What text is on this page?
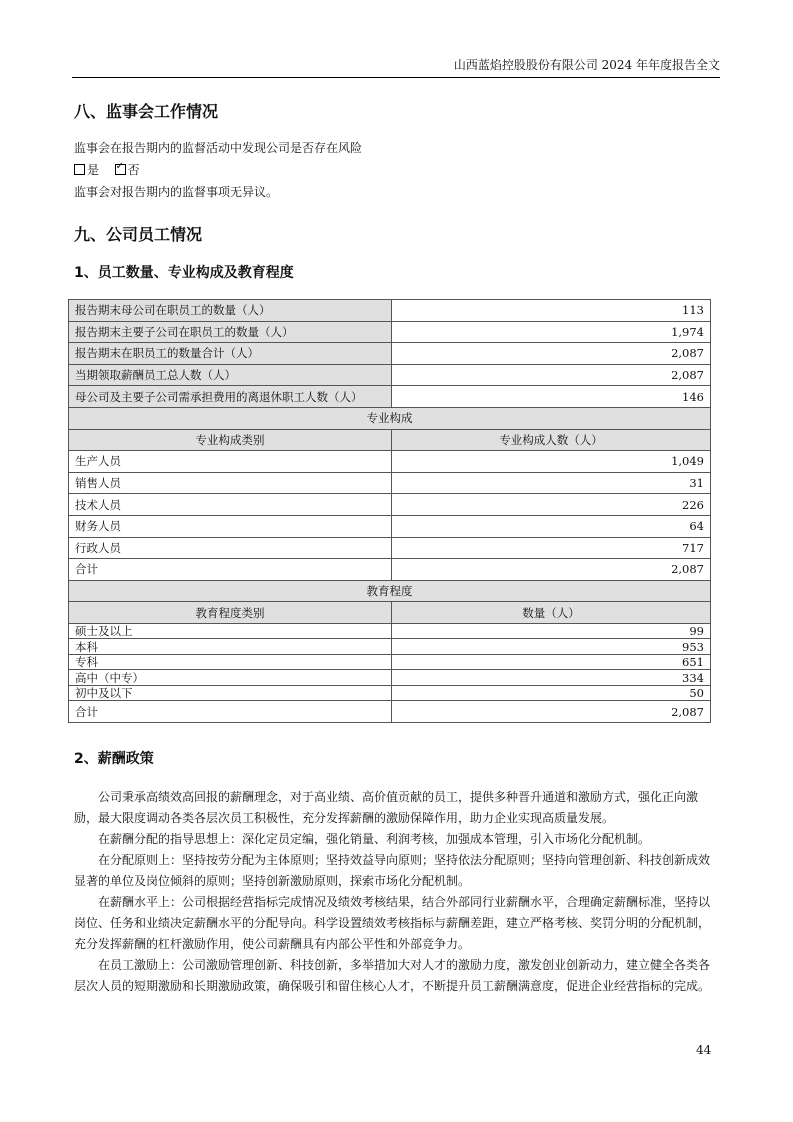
山西蓝焰控股股份有限公司 2024 年年度报告全文
八、监事会工作情况
监事会在报告期内的监督活动中发现公司是否存在风险
是 ✓ 否
监事会对报告期内的监督事项无异议。
九、公司员工情况
1、员工数量、专业构成及教育程度
报告期末母公司在职员工的数量（人）	113
报告期末主要子公司在职员工的数量（人）	1,974
报告期末在职员工的数量合计（人）	2,087
当期领取薪酬员工总人数（人）	2,087
母公司及主要子公司需承担费用的离退休职工人数（人）	146
专业构成	
专业构成类别	专业构成人数（人）
生产人员	1,049
销售人员	31
技术人员	226
财务人员	64
行政人员	717
合计	2,087
教育程度	
教育程度类别	数量（人）
硕士及以上	99
本科	953
专科	651
高中（中专）	334
初中及以下	50
合计	2,087
2、薪酬政策

公司秉承高绩效高回报的薪酬理念，对于高业绩、高价值贡献的员工，提供多种晋升通道和激励方式，强化正向激励，最大限度调动各类各层次员工积极性，充分发挥薪酬的激励保障作用，助力企业实现高质量发展。

在薪酬分配的指导思想上：深化定员定编，强化销量、利润考核，加强成本管理，引入市场化分配机制。

在分配原则上：坚持按劳分配为主体原则；坚持效益导向原则；坚持依法分配原则；坚持向管理创新、科技创新成效显著的单位及岗位倾斜的原则；坚持创新激励原则，探索市场化分配机制。

在薪酬水平上：公司根据经营指标完成情况及绩效考核结果，结合外部同行业薪酬水平，合理确定薪酬标准，坚持以岗位、任务和业绩决定薪酬水平的分配导向。科学设置绩效考核指标与薪酬差距，建立严格考核、奖罚分明的分配机制，充分发挥薪酬的杠杆激励作用，使公司薪酬具有内部公平性和外部竞争力。

在员工激励上：公司激励管理创新、科技创新，多举措加大对人才的激励力度，激发创业创新动力，建立健全各类各层次人员的短期激励和长期激励政策，确保吸引和留住核心人才，不断提升员工薪酬满意度，促进企业经营指标的完成。

44
